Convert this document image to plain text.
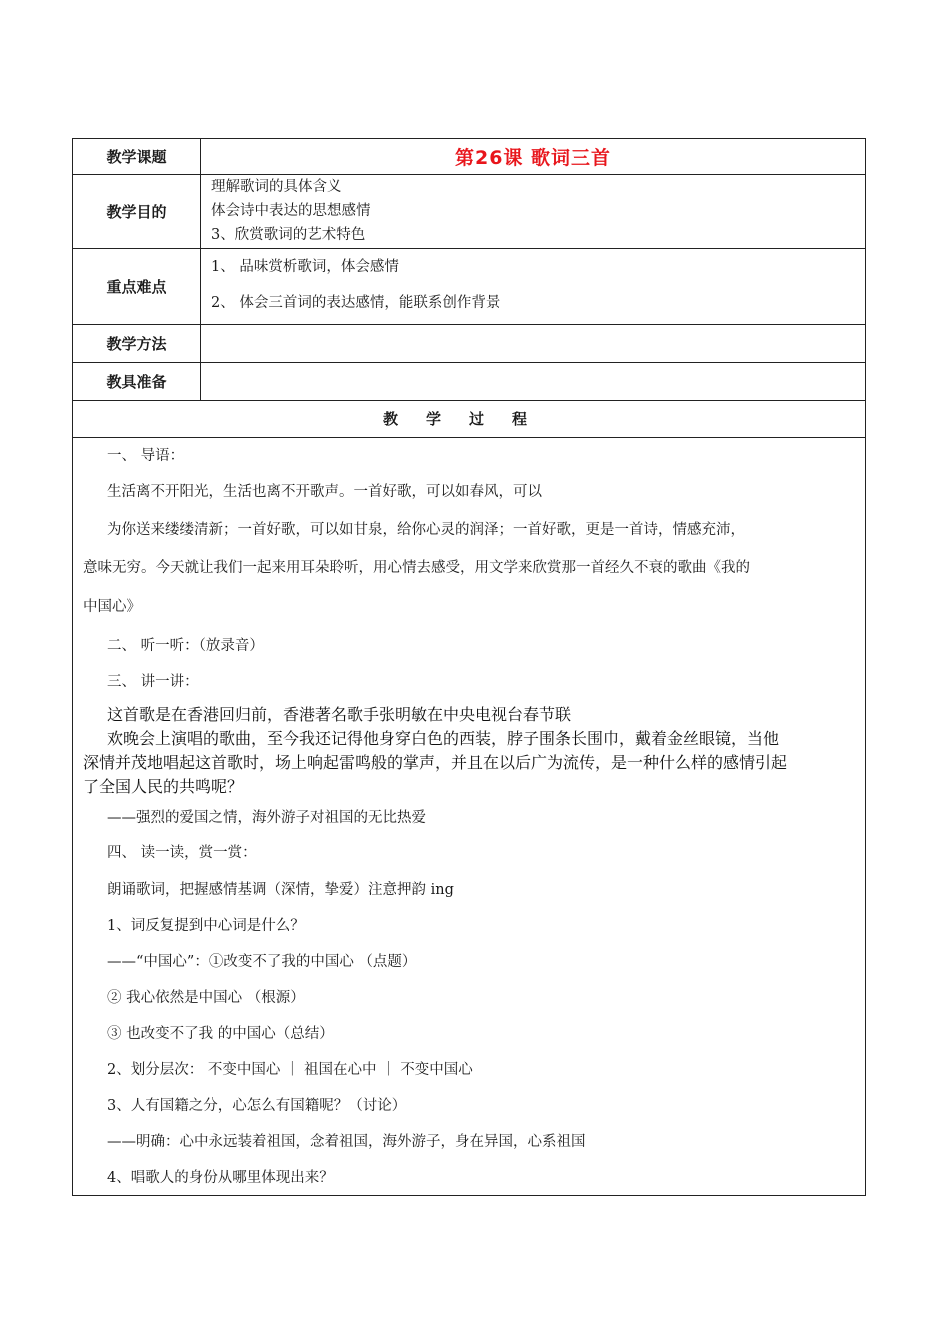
教学课题	第26课 歌词三首
教学目的	理解歌词的具体含义
体会诗中表达的思想感情
3、欣赏歌词的艺术特色

重点难点	1、 品味赏析歌词，体会感情
2、 体会三首词的表达感情，能联系创作背景

教学方法	
教具准备	
教学过程	
一、 导语：
生活离不开阳光，生活也离不开歌声。一首好歌，可以如春风，可以
为你送来缕缕清新；一首好歌，可以如甘泉，给你心灵的润泽；一首好歌，更是一首诗，情感充沛，
意味无穷。今天就让我们一起来用耳朵聆听，用心情去感受，用文学来欣赏那一首经久不衰的歌曲《我的
中国心》
二、 听一听：（放录音）
三、 讲一讲：
这首歌是在香港回归前，香港著名歌手张明敏在中央电视台春节联
欢晚会上演唱的歌曲，至今我还记得他身穿白色的西装，脖子围条长围巾，戴着金丝眼镜，当他
深情并茂地唱起这首歌时，场上响起雷鸣般的掌声，并且在以后广为流传，是一种什么样的感情引起
了全国人民的共鸣呢？
——强烈的爱国之情，海外游子对祖国的无比热爱
四、 读一读，赏一赏：
朗诵歌词，把握感情基调（深情，挚爱）注意押韵 ing
1、词反复提到中心词是什么？
——“中国心”：①改变不了我的中国心 （点题）
② 我心依然是中国心 （根源）
③ 也改变不了我 的中国心（总结）
2、划分层次： 不变中国心 ｜ 祖国在心中 ｜ 不变中国心
3、人有国籍之分，心怎么有国籍呢？（讨论）
——明确：心中永远装着祖国，念着祖国，海外游子，身在异国，心系祖国
4、唱歌人的身份从哪里体现出来？
